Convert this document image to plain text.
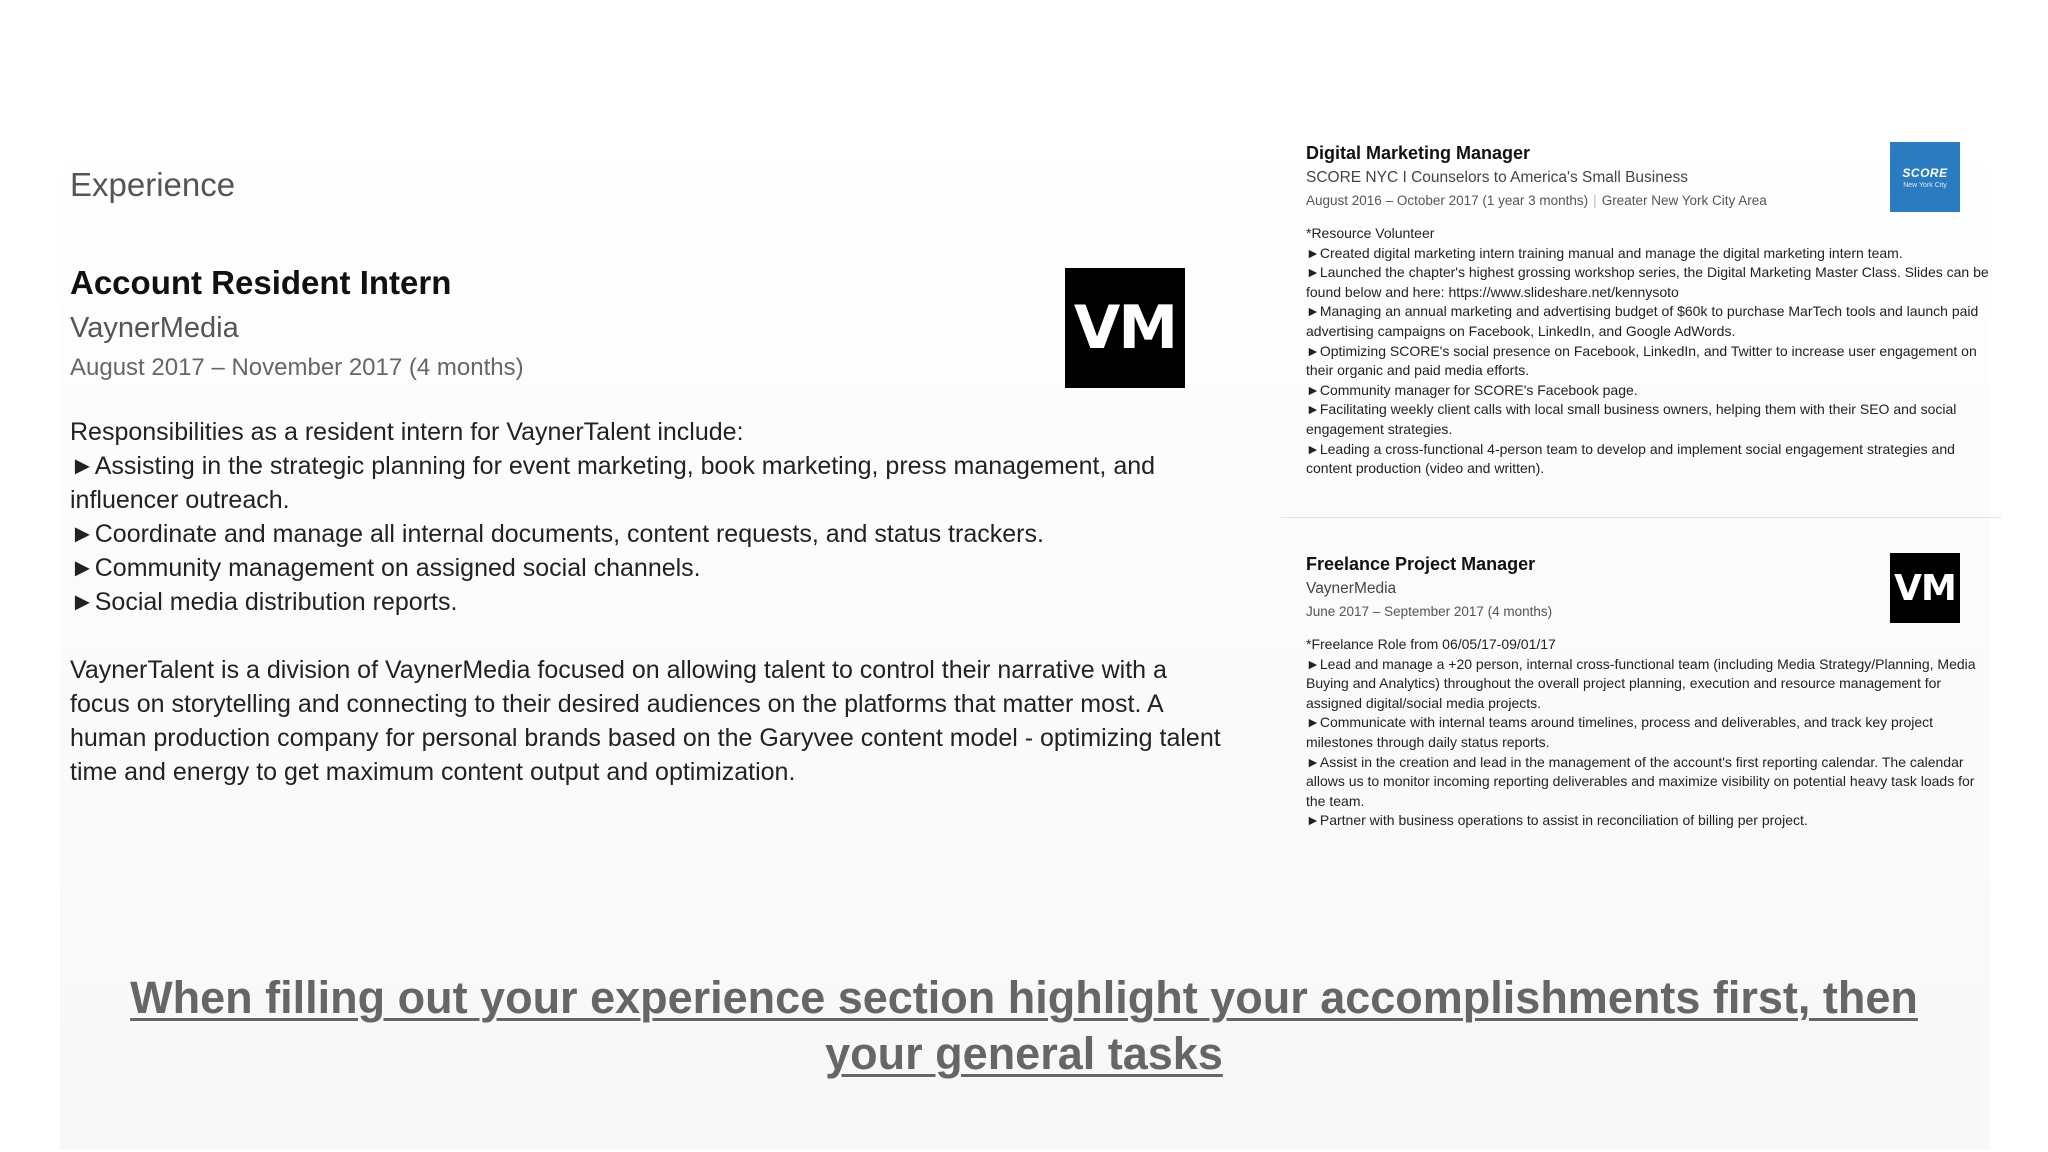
Experience
Account Resident Intern
VaynerMedia
August 2017 – November 2017 (4 months)
VM

Responsibilities as a resident intern for VaynerTalent include:

►Assisting in the strategic planning for event marketing, book marketing, press management, and influencer outreach.

►Coordinate and manage all internal documents, content requests, and status trackers.

►Community management on assigned social channels.

►Social media distribution reports.

VaynerTalent is a division of VaynerMedia focused on allowing talent to control their narrative with a focus on storytelling and connecting to their desired audiences on the platforms that matter most. A human production company for personal brands based on the Garyvee content model - optimizing talent time and energy to get maximum content output and optimization.

Digital Marketing Manager
SCORE NYC I Counselors to America's Small Business
August 2016 – October 2017 (1 year 3 months) | Greater New York City Area
SCORE
New York City

*Resource Volunteer

►Created digital marketing intern training manual and manage the digital marketing intern team.

►Launched the chapter's highest grossing workshop series, the Digital Marketing Master Class. Slides can be found below and here: https://www.slideshare.net/kennysoto

►Managing an annual marketing and advertising budget of $60k to purchase MarTech tools and launch paid advertising campaigns on Facebook, LinkedIn, and Google AdWords.

►Optimizing SCORE's social presence on Facebook, LinkedIn, and Twitter to increase user engagement on their organic and paid media efforts.

►Community manager for SCORE's Facebook page.

►Facilitating weekly client calls with local small business owners, helping them with their SEO and social engagement strategies.

►Leading a cross-functional 4-person team to develop and implement social engagement strategies and content production (video and written).

Freelance Project Manager
VaynerMedia
June 2017 – September 2017 (4 months)
VM

*Freelance Role from 06/05/17-09/01/17

►Lead and manage a +20 person, internal cross-functional team (including Media Strategy/Planning, Media Buying and Analytics) throughout the overall project planning, execution and resource management for assigned digital/social media projects.

►Communicate with internal teams around timelines, process and deliverables, and track key project milestones through daily status reports.

►Assist in the creation and lead in the management of the account's first reporting calendar. The calendar allows us to monitor incoming reporting deliverables and maximize visibility on potential heavy task loads for the team.

►Partner with business operations to assist in reconciliation of billing per project.

When filling out your experience section highlight your accomplishments first, then your general tasks
